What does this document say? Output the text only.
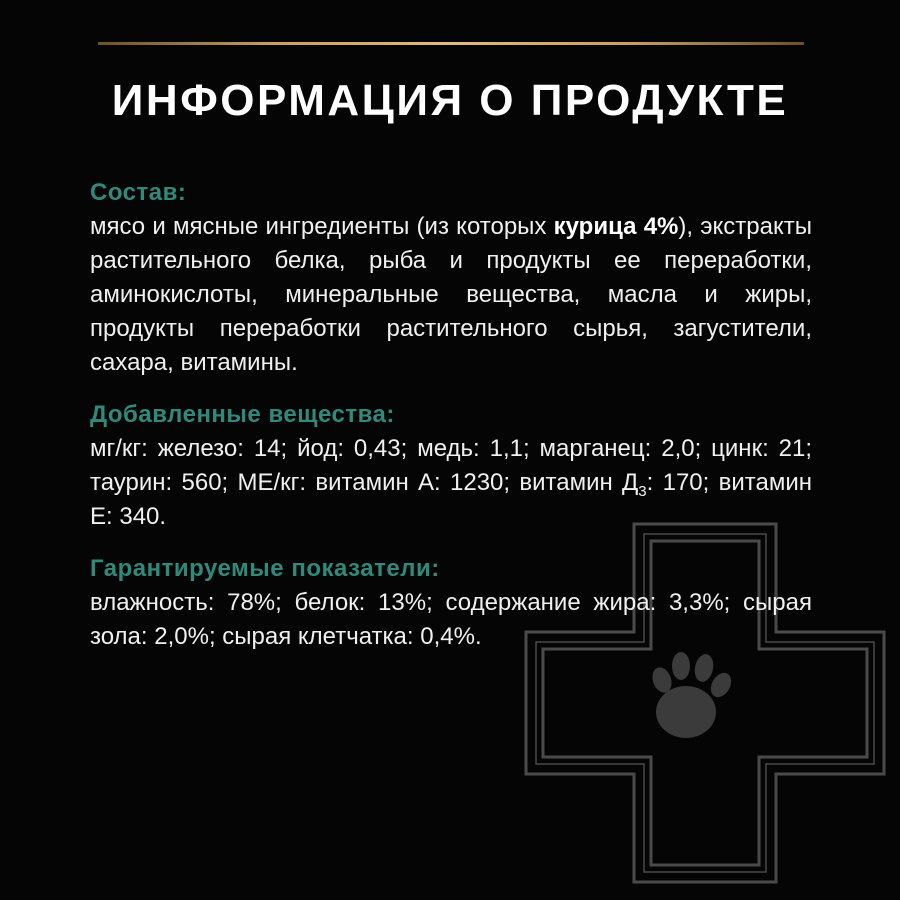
ИНФОРМАЦИЯ О ПРОДУКТЕ
Состав:
мясо и мясные ингредиенты (из которых курица 4%), экстракты растительного белка, рыба и продукты ее переработки, аминокислоты, минеральные вещества, масла и жиры, продукты переработки растительного сырья, загустители, сахара, витамины.
Добавленные вещества:
мг/кг: железо: 14; йод: 0,43; медь: 1,1; марганец: 2,0; цинк: 21; таурин: 560; МЕ/кг: витамин А: 1230; витамин $Д_3$: 170; витамин Е: 340.
Гарантируемые показатели:
влажность: 78%; белок: 13%; содержание жира: 3,3%; сырая зола: 2,0%; сырая клетчатка: 0,4%.
